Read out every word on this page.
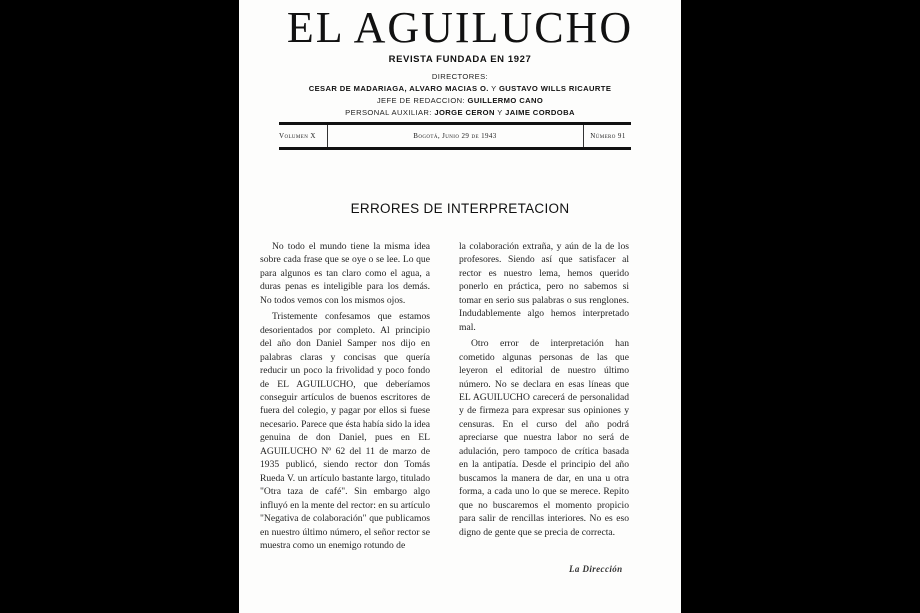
EL AGUILUCHO
REVISTA FUNDADA EN 1927
DIRECTORES:
CESAR DE MADARIAGA, ALVARO MACIAS O. Y GUSTAVO WILLS RICAURTE
JEFE DE REDACCION: GUILLERMO CANO
PERSONAL AUXILIAR: JORGE CERON Y JAIME CORDOBA
Volumen X	Bogotá, Junio 29 de 1943	Número 91
ERRORES DE INTERPRETACION

No todo el mundo tiene la misma idea sobre cada frase que se oye o se lee. Lo que para algunos es tan claro como el agua, a duras penas es inteligible para los demás. No todos vemos con los mismos ojos.

Tristemente confesamos que estamos desorientados por completo. Al principio del año don Daniel Samper nos dijo en palabras claras y concisas que quería reducir un poco la frivolidad y poco fondo de EL AGUILUCHO, que deberíamos conseguir artículos de buenos escritores de fuera del colegio, y pagar por ellos si fuese necesario. Parece que ésta había sido la idea genuina de don Daniel, pues en EL AGUILUCHO Nº 62 del 11 de marzo de 1935 publicó, siendo rector don Tomás Rueda V. un artículo bastante largo, titulado "Otra taza de café". Sin embargo algo influyó en la mente del rector: en su artículo "Negativa de colaboración" que publicamos en nuestro último número, el señor rector se muestra como un enemigo rotundo de

la colaboración extraña, y aún de la de los profesores. Siendo así que satisfacer al rector es nuestro lema, hemos querido ponerlo en práctica, pero no sabemos si tomar en serio sus palabras o sus renglones. Indudablemente algo hemos interpretado mal.

Otro error de interpretación han cometido algunas personas de las que leyeron el editorial de nuestro último número. No se declara en esas líneas que EL AGUILUCHO carecerá de personalidad y de firmeza para expresar sus opiniones y censuras. En el curso del año podrá apreciarse que nuestra labor no será de adulación, pero tampoco de crítica basada en la antipatía. Desde el principio del año buscamos la manera de dar, en una u otra forma, a cada uno lo que se merece. Repito que no buscaremos el momento propicio para salir de rencillas interiores. No es eso digno de gente que se precia de correcta.

La Dirección
